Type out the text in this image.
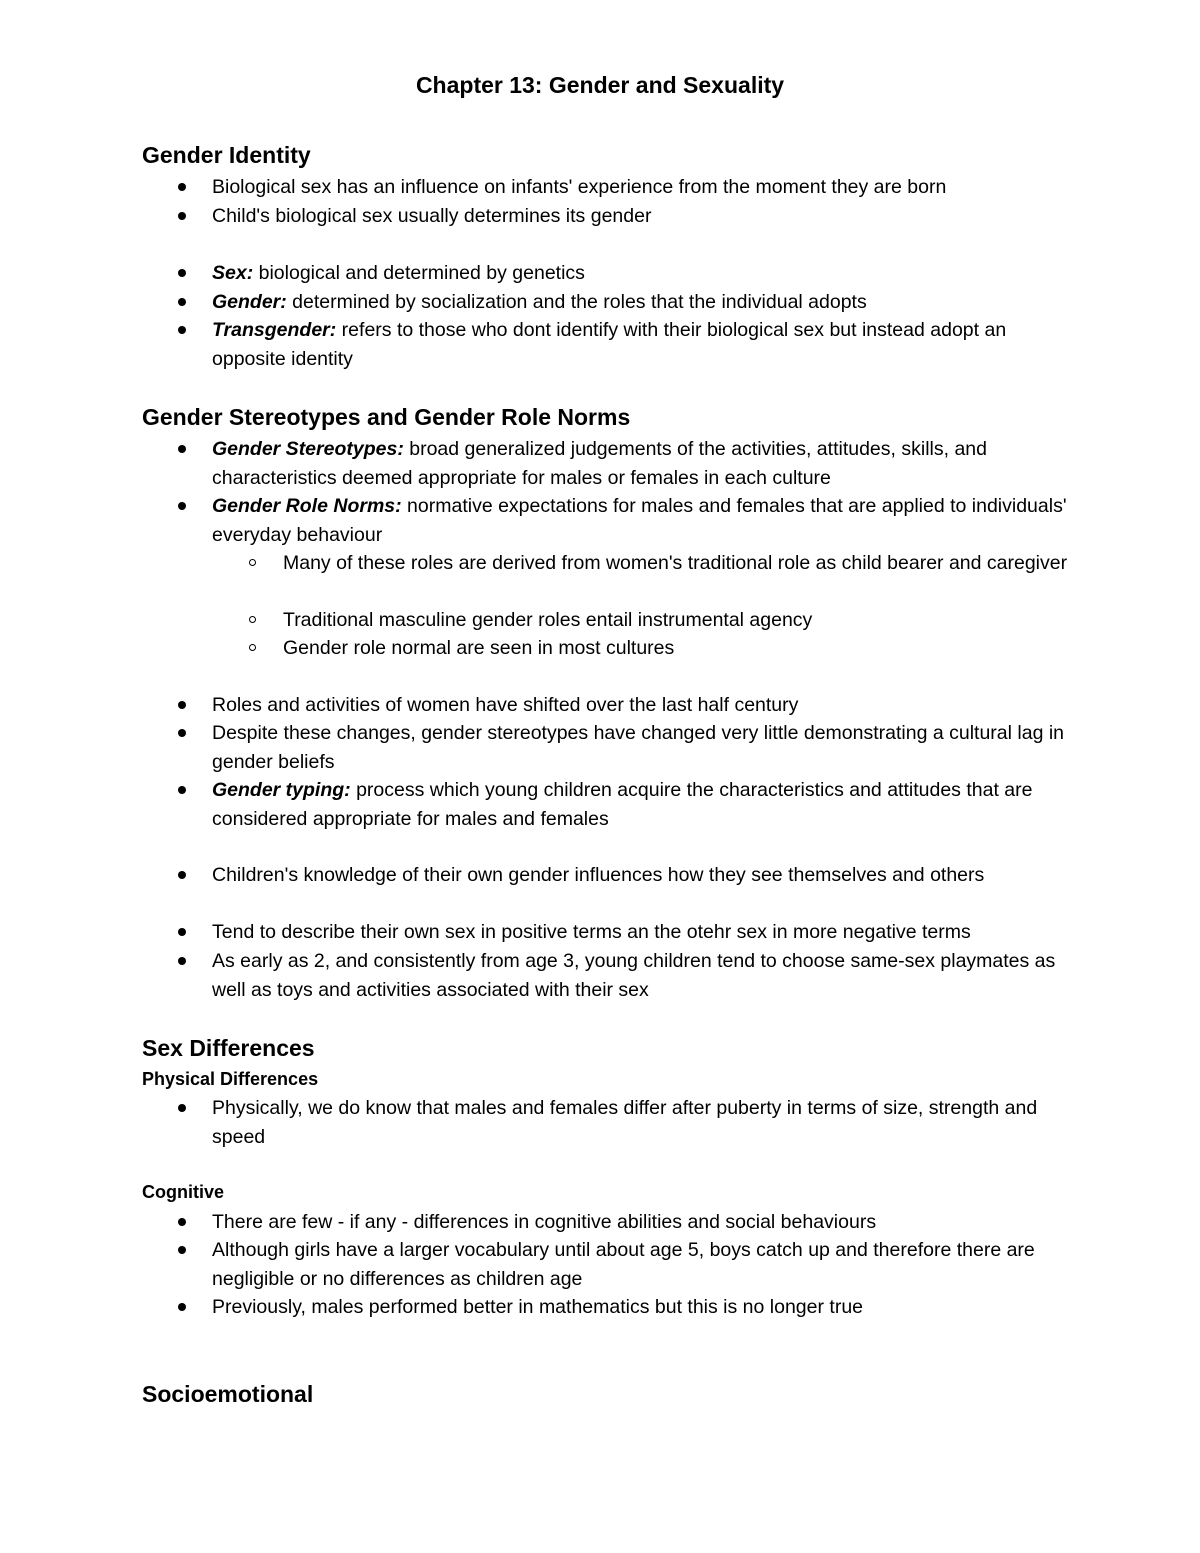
Chapter 13: Gender and Sexuality
Gender Identity
Biological sex has an influence on infants' experience from the moment they are born
Child's biological sex usually determines its gender
Sex: biological and determined by genetics
Gender: determined by socialization and the roles that the individual adopts
Transgender: refers to those who dont identify with their biological sex but instead adopt an opposite identity
Gender Stereotypes and Gender Role Norms
Gender Stereotypes: broad generalized judgements of the activities, attitudes, skills, and characteristics deemed appropriate for males or females in each culture
Gender Role Norms: normative expectations for males and females that are applied to individuals' everyday behaviour
Many of these roles are derived from women's traditional role as child bearer and caregiver
Traditional masculine gender roles entail instrumental agency
Gender role normal are seen in most cultures
Roles and activities of women have shifted over the last half century
Despite these changes, gender stereotypes have changed very little demonstrating a cultural lag in gender beliefs
Gender typing: process which young children acquire the characteristics and attitudes that are considered appropriate for males and females
Children's knowledge of their own gender influences how they see themselves and others
Tend to describe their own sex in positive terms an the otehr sex in more negative terms
As early as 2, and consistently from age 3, young children tend to choose same-sex playmates as well as toys and activities associated with their sex
Sex Differences
Physical Differences
Physically, we do know that males and females differ after puberty in terms of size, strength and speed
Cognitive
There are few - if any - differences in cognitive abilities and social behaviours
Although girls have a larger vocabulary until about age 5, boys catch up and therefore there are negligible or no differences as children age
Previously, males performed better in mathematics but this is no longer true
Socioemotional
